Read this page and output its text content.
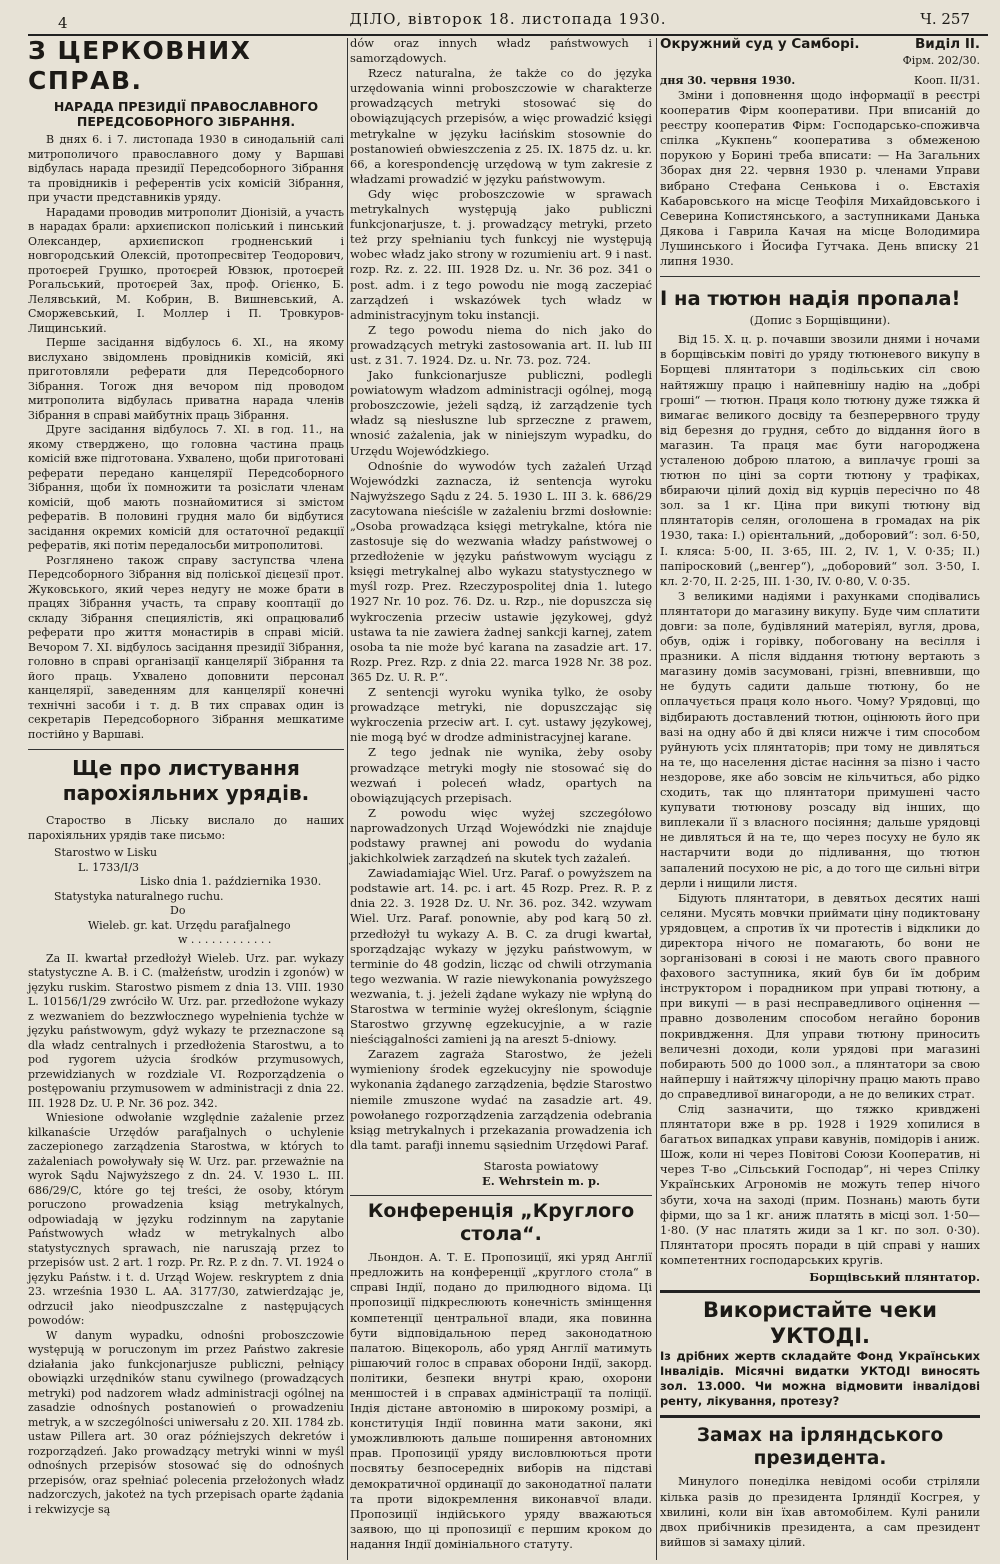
4	ДІЛО, вівторок 18. листопада 1930.	Ч. 257
З ЦЕРКОВНИХ СПРАВ.
НАРАДА ПРЕЗИДІЇ ПРАВОСЛАВНОГО ПЕРЕДСОБОРНОГО ЗІБРАННЯ.

В днях 6. і 7. листопада 1930 в синодальній салі митрополичого православного дому у Варшаві відбулась нарада президії Передсоборного Зібрання та провідників і референтів усіх комісій Зібрання, при участи представників уряду.

Нарадами проводив митрополит Діонізій, а участь в нарадах брали: архиєпископ поліський і пинський Олександер, архиєпископ гродненський і новгородський Олексій, протопресвітер Теодорович, протоєрей Грушко, протоєрей Ювзюк, протоєрей Рогальський, протоєрей Зах, проф. Огієнко, Б. Лелявський, М. Кобрин, В. Вишневський, А. Сморжевський, І. Моллер і П. Тровкуров-Лищинський.

Перше засідання відбулось 6. XI., на якому вислухано звідомлень провідників комісій, які приготовляли реферати для Передсоборного Зібрання. Тогож дня вечором під проводом митрополита відбулась приватна нарада членів Зібрання в справі майбутніх праць Зібрання.

Друге засідання відбулось 7. XI. в год. 11., на якому стверджено, що головна частина праць комісій вже підготована. Ухвалено, щоби приготовані реферати передано канцелярії Передсоборного Зібрання, щоби їх помножити та розіслати членам комісій, щоб мають познайомитися зі змістом рефератів. В половині грудня мало би відбутися засідання окремих комісій для остаточної редакції рефератів, які потім передалосьби митрополитові.

Розглянено також справу заступства члена Передсоборного Зібрання від поліської дієцезії прот. Жуковського, який через недугу не може брати в працях Зібрання участь, та справу кооптації до складу Зібрання специялістів, які опрацювалиб реферати про життя монастирів в справі місій. Вечором 7. XI. відбулось засідання президії Зібрання, головно в справі організації канцелярії Зібрання та його праць. Ухвалено доповнити персонал канцелярії, заведенням для канцелярії конечні технічні засоби і т. д. В тих справах один із секретарів Передсоборного Зібрання мешкатиме постійно у Варшаві.

Ще про листування парохіяльних урядів.

Староство в Ліську вислало до наших парохіяльних урядів таке письмо:

Starostwo w Lisku

L. 1733/I/3

Lisko dnia 1. października 1930.

Statystyka naturalnego ruchu.

Do

Wieleb. gr. kat. Urzędu parafjalnego

w . . . . . . . . . . . .

Za II. kwartał przedłożył Wieleb. Urz. par. wykazy statystyczne A. B. i C. (małżeństw, urodzin i zgonów) w języku ruskim. Starostwo pismem z dnia 13. VIII. 1930 L. 10156/1/29 zwróciło W. Urz. par. przedłożone wykazy z wezwaniem do bezzwłocznego wypełnienia tychże w języku państwowym, gdyż wykazy te przeznaczone są dla władz centralnych i przedłożenia Starostwu, a to pod rygorem użycia środków przymusowych, przewidzianych w rozdziale VI. Rozporządzenia o postępowaniu przymusowem w administracji z dnia 22. III. 1928 Dz. U. P. Nr. 36 poz. 342.

Wniesione odwołanie względnie zażalenie przez kilkanaście Urzędów parafjalnych o uchylenie zaczepionego zarządzenia Starostwa, w których to zażaleniach powoływały się W. Urz. par. przeważnie na wyrok Sądu Najwyższego z dn. 24. V. 1930 L. III. 686/29/C, które go tej treści, że osoby, którym poruczono prowadzenia ksiąg metrykalnych, odpowiadają w języku rodzinnym na zapytanie Państwowych władz w metrykalnych albo statystycznych sprawach, nie naruszają przez to przepisów ust. 2 art. 1 rozp. Pr. Rz. P. z dn. 7. VI. 1924 o języku Państw. i t. d. Urząd Wojew. reskryptem z dnia 23. września 1930 L. AA. 3177/30, zatwierdzając je, odrzucił jako nieodpuszczalne z następujących powodów:

W danym wypadku, odnośni proboszczowie występują w poruczonym im przez Państwo zakresie działania jako funkcjonarjusze publiczni, pełniący obowiązki urzędników stanu cywilnego (prowadzących metryki) pod nadzorem władz administracji ogólnej na zasadzie odnośnych postanowień o prowadzeniu metryk, a w szczególności uniwersału z 20. XII. 1784 zb. ustaw Pillera art. 30 oraz późniejszych dekretów i rozporządzeń. Jako prowadzący metryki winni w myśl odnośnych przepisów stosować się do odnośnych przepisów, oraz spełniać polecenia przełożonych władz nadzorczych, jakoteż na tych przepisach oparte żądania i rekwizycje są

dów oraz innych władz państwowych i samorządowych.

Rzecz naturalna, że także co do języka urzędowania winni proboszczowie w charakterze prowadzących metryki stosować się do obowiązujących przepisów, a więc prowadzić księgi metrykalne w języku łacińskim stosownie do postanowień obwieszczenia z 25. IX. 1875 dz. u. kr. 66, a korespondencję urzędową w tym zakresie z władzami prowadzić w języku państwowym.

Gdy więc proboszczowie w sprawach metrykalnych występują jako publiczni funkcjonarjusze, t. j. prowadzący metryki, przeto też przy spełnianiu tych funkcyj nie występują wobec władz jako strony w rozumieniu art. 9 i nast. rozp. Rz. z. 22. III. 1928 Dz. u. Nr. 36 poz. 341 o post. adm. i z tego powodu nie mogą zaczepiać zarządzeń i wskazówek tych władz w administracyjnym toku instancji.

Z tego powodu niema do nich jako do prowadzących metryki zastosowania art. II. lub III ust. z 31. 7. 1924. Dz. u. Nr. 73. poz. 724.

Jako funkcionarjusze publiczni, podlegli powiatowym władzom administracji ogólnej, mogą proboszczowie, jeżeli sądzą, iż zarządzenie tych władz są niesłuszne lub sprzeczne z prawem, wnosić zażalenia, jak w niniejszym wypadku, do Urzędu Wojewódzkiego.

Odnośnie do wywodów tych zażaleń Urząd Wojewódzki zaznacza, iż sentencja wyroku Najwyższego Sądu z 24. 5. 1930 L. III 3. k. 686/29 zacytowana nieściśle w zażaleniu brzmi dosłownie: „Osoba prowadząca księgi metrykalne, która nie zastosuje się do wezwania władzy państwowej o przedłożenie w języku państwowym wyciągu z księgi metrykalnej albo wykazu statystycznego w myśl rozp. Prez. Rzeczypospolitej dnia 1. lutego 1927 Nr. 10 poz. 76. Dz. u. Rzp., nie dopuszcza się wykroczenia przeciw ustawie językowej, gdyż ustawa ta nie zawiera żadnej sankcji karnej, zatem osoba ta nie może być karana na zasadzie art. 17. Rozp. Prez. Rzp. z dnia 22. marca 1928 Nr. 38 poz. 365 Dz. U. R. P.“.

Z sentencji wyroku wynika tylko, że osoby prowadzące metryki, nie dopuszczając się wykroczenia przeciw art. I. cyt. ustawy językowej, nie mogą być w drodze administracyjnej karane.

Z tego jednak nie wynika, żeby osoby prowadzące metryki mogły nie stosować się do wezwań i poleceń władz, opartych na obowiązujących przepisach.

Z powodu więc wyżej szczegółowo naprowadzonych Urząd Wojewódzki nie znajduje podstawy prawnej ani powodu do wydania jakichkolwiek zarządzeń na skutek tych zażaleń.

Zawiadamiając Wiel. Urz. Paraf. o powyższem na podstawie art. 14. pc. i art. 45 Rozp. Prez. R. P. z dnia 22. 3. 1928 Dz. U. Nr. 36. poz. 342. wzywam Wiel. Urz. Paraf. ponownie, aby pod karą 50 zł. przedłożył tu wykazy A. B. C. za drugi kwartał, sporządzając wykazy w języku państwowym, w terminie do 48 godzin, licząc od chwili otrzymania tego wezwania. W razie niewykonania powyższego wezwania, t. j. jeżeli żądane wykazy nie wpłyną do Starostwa w terminie wyżej określonym, ściągnie Starostwo grzywnę egzekucyjnie, a w razie nieściągalności zamieni ją na areszt 5-dniowy.

Zarazem zagraża Starostwo, że jeżeli wymieniony środek egzekucyjny nie spowoduje wykonania żądanego zarządzenia, będzie Starostwo niemile zmuszone wydać na zasadzie art. 49. powołanego rozporządzenia zarządzenia odebrania ksiąg metrykalnych i przekazania prowadzenia ich dla tamt. parafji innemu sąsiednim Urzędowi Paraf.

Starosta powiatowy

E. Wehrstein m. p.

Конференція „Круглого стола“.

Льондон. А. Т. Е. Пропозиції, які уряд Англії предложить на конференції „круглого стола“ в справі Індії, подано до прилюдного відома. Ці пропозиції підкреслюють конечність змінщення компетенції центральної влади, яка повинна бути відповідальною перед законодатною палатою. Віцекороль, або уряд Англії матимуть рішаючий голос в справах оборони Індії, закорд. політики, безпеки внутрі краю, охорони меншостей і в справах адміністрації та поліції. Індія дістане автономію в широкому розмірі, а конституція Індії повинна мати закони, які уможливлюють дальше поширення автономних прав. Пропозиції уряду висловлюються проти посвятьу безпосередніх виборів на підставі демократичної ординації до законодатної палати та проти відокремлення виконавчої влади. Пропозиції індійського уряду вважаються заявою, що ці пропозиції є першим кроком до надання Індії домініального статуту.

Окружний суд у Самборі.	Виділ II.
Фірм. 202/30.
дня 30. червня 1930.	Кооп. II/31.

Зміни і доповнення щодо інформації в реєстрі кооператив Фірм кооперативи. При вписаній до реєстру кооператив Фірм: Господарсько-споживча спілка „Кукпень“ кооператива з обмеженою порукою у Борині треба вписати: — На Загальних Зборах дня 22. червня 1930 р. членами Управи вибрано Стефана Сенькова і о. Евстахія Кабаровського на місце Теофіля Михайдовського і Северина Копистянського, а заступниками Данька Дякова і Гаврила Качая на місце Володимира Лушинського і Йосифа Гутчака. День вписку 21 липня 1930.

І на тютюн надія пропала!

(Допис з Борщівщини).

Від 15. X. ц. р. почавши звозили днями і ночами в борщівськім повіті до уряду тютюневого викупу в Борщеві плянтатори з подільських сіл свою найтяжшу працю і найпевнішу надію на „добрі гроші“ — тютюн. Праця коло тютюну дуже тяжка й вимагає великого досвіду та безперервного труду від березня до грудня, себто до віддання його в магазин. Та праця має бути нагороджена усталеною доброю платою, а виплачує гроші за тютюн по ціні за сорти тютюну у трафіках, вбираючи цілий дохід від курців пересічно по 48 зол. за 1 кг. Ціна при викупі тютюну від плянтаторів селян, оголошена в громадах на рік 1930, така: I.) орієнтальний, „доборовий“: зол. 6·50, I. кляса: 5·00, II. 3·65, III. 2, IV. 1, V. 0·35; II.) папіросковий („венгер“), „доборовий“ зол. 3·50, I. кл. 2·70, II. 2·25, III. 1·30, IV. 0·80, V. 0·35.

З великими надіями і рахунками сподівались плянтатори до магазину викупу. Буде чим сплатити довги: за поле, будівляний матеріял, вугля, дрова, обув, одіж і горівку, побоговану на весілля і празники. А після віддання тютюну вертають з магазину домів засумовані, грізні, впевнивши, що не будуть садити дальше тютюну, бо не оплачується праця коло нього. Чому? Урядовці, що відбирають доставлений тютюн, оцінюють його при вазі на одну або й дві кляси нижче і тим способом руйнують усіх плянтаторів; при тому не дивляться на те, що населення дістає насіння за пізно і часто нездорове, яке або зовсім не кільчиться, або рідко сходить, так що плянтатори примушені часто купувати тютюнову розсаду від інших, що виплекали її з власного посіяння; дальше урядовці не дивляться й на те, що через посуху не було як настарчити води до підливання, що тютюн запалений посухою не ріс, а до того ще сильні вітри дерли і нищили листя.

Бідують плянтатори, в девятьох десятих наші селяни. Мусять мовчки приймати ціну подиктовану урядовцем, а спротив їх чи протестів і відклики до директора нічого не помагають, бо вони не зорганізовані в союзі і не мають свого правного фахового заступника, який був би їм добрим інструктором і порадником при управі тютюну, а при викупі — в разі несправедливого оцінення — правно дозволеним способом негайно боронив покривдження. Для управи тютюну приносить величезні доходи, коли урядові при магазині побирають 500 до 1000 зол., а плянтатори за свою найпершу і найтяжчу цілорічну працю мають право до справедливої винагороди, а не до великих страт.

Слід зазначити, що тяжко кривджені плянтатори вже в рр. 1928 і 1929 хопилися в багатьох випадках управи кавунів, помідорів і аниж. Шож, коли ні через Повітові Союзи Кооператив, ні через Т-во „Сільський Господар“, ні через Спілку Українських Агрономів не можуть тепер нічого збути, хоча на заході (прим. Познань) мають бути фірми, що за 1 кг. аниж платять в місці зол. 1·50—1·80. (У нас платять жиди за 1 кг. по зол. 0·30). Плянтатори просять поради в цій справі у наших компетентних господарських кругів.

Борщівський плянтатор.
Використайте чеки УКТОДІ.

Із дрібних жертв складайте Фонд Українських Інвалідів. Місячні видатки УКТОДІ виносять зол. 13.000. Чи можна відмовити інвалідові ренту, лікування, протезу?

Замах на ірляндського президента.

Минулого понеділка невідомі особи стріляли кілька разів до президента Ірляндії Косгрея, у хвилині, коли він їхав автомобілем. Кулі ранили двох прибічників президента, а сам президент вийшов зі замаху цілий.
